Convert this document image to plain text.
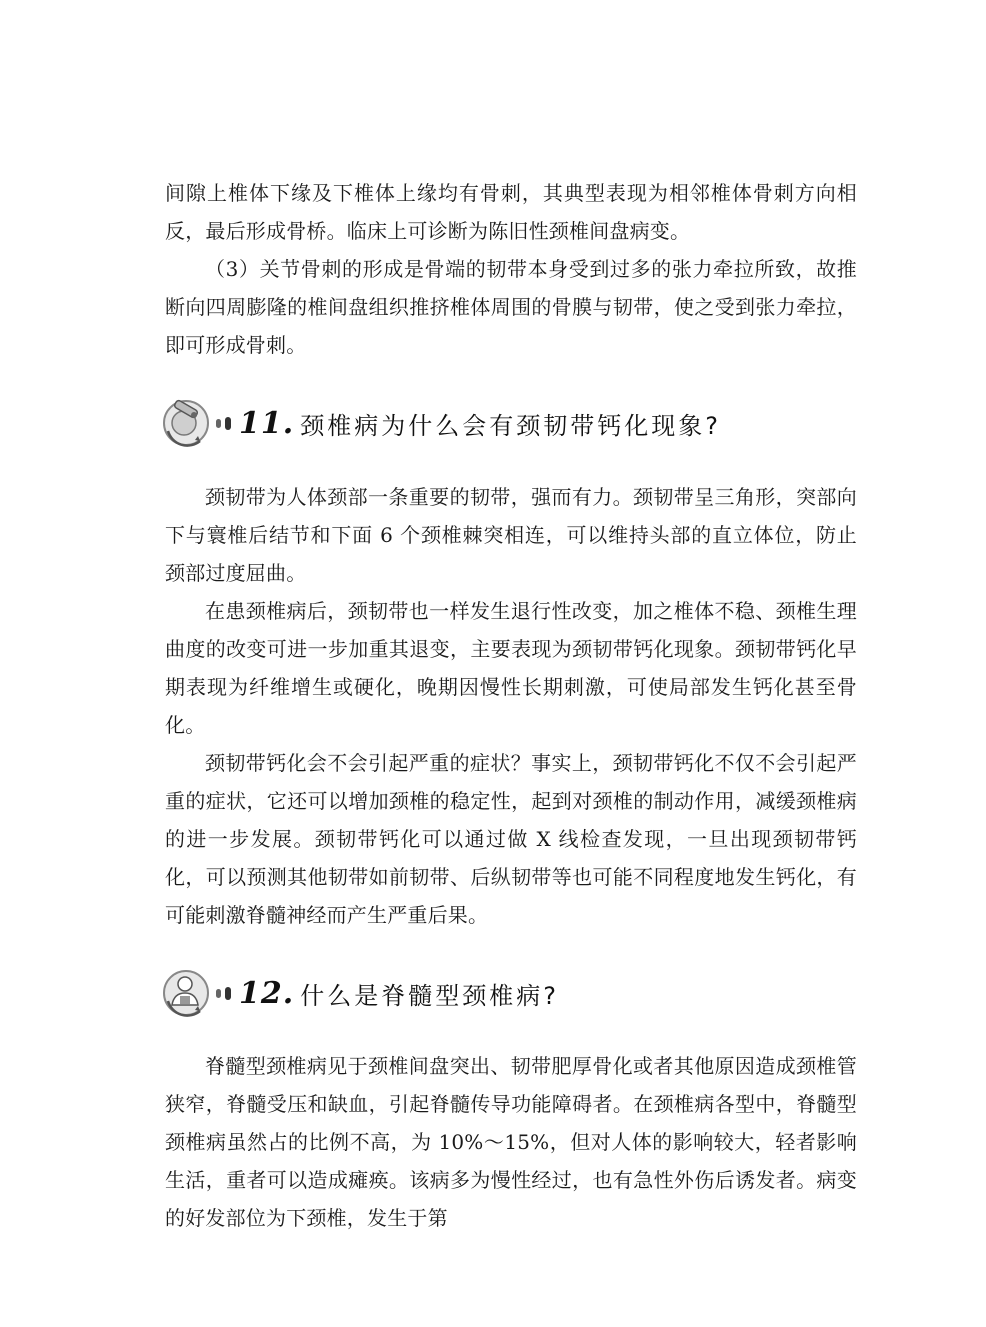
间隙上椎体下缘及下椎体上缘均有骨刺，其典型表现为相邻椎体骨刺方向相反，最后形成骨桥。临床上可诊断为陈旧性颈椎间盘病变。

（3）关节骨刺的形成是骨端的韧带本身受到过多的张力牵拉所致，故推断向四周膨隆的椎间盘组织推挤椎体周围的骨膜与韧带，使之受到张力牵拉，即可形成骨刺。

11. 颈椎病为什么会有颈韧带钙化现象?

颈韧带为人体颈部一条重要的韧带，强而有力。颈韧带呈三角形，突部向下与寰椎后结节和下面 6 个颈椎棘突相连，可以维持头部的直立体位，防止颈部过度屈曲。

在患颈椎病后，颈韧带也一样发生退行性改变，加之椎体不稳、颈椎生理曲度的改变可进一步加重其退变，主要表现为颈韧带钙化现象。颈韧带钙化早期表现为纤维增生或硬化，晚期因慢性长期刺激，可使局部发生钙化甚至骨化。

颈韧带钙化会不会引起严重的症状？事实上，颈韧带钙化不仅不会引起严重的症状，它还可以增加颈椎的稳定性，起到对颈椎的制动作用，减缓颈椎病的进一步发展。颈韧带钙化可以通过做 X 线检查发现，一旦出现颈韧带钙化，可以预测其他韧带如前韧带、后纵韧带等也可能不同程度地发生钙化，有可能刺激脊髓神经而产生严重后果。

12. 什么是脊髓型颈椎病?

脊髓型颈椎病见于颈椎间盘突出、韧带肥厚骨化或者其他原因造成颈椎管狭窄，脊髓受压和缺血，引起脊髓传导功能障碍者。在颈椎病各型中，脊髓型颈椎病虽然占的比例不高，为 10%～15%，但对人体的影响较大，轻者影响生活，重者可以造成瘫痪。该病多为慢性经过，也有急性外伤后诱发者。病变的好发部位为下颈椎，发生于第
